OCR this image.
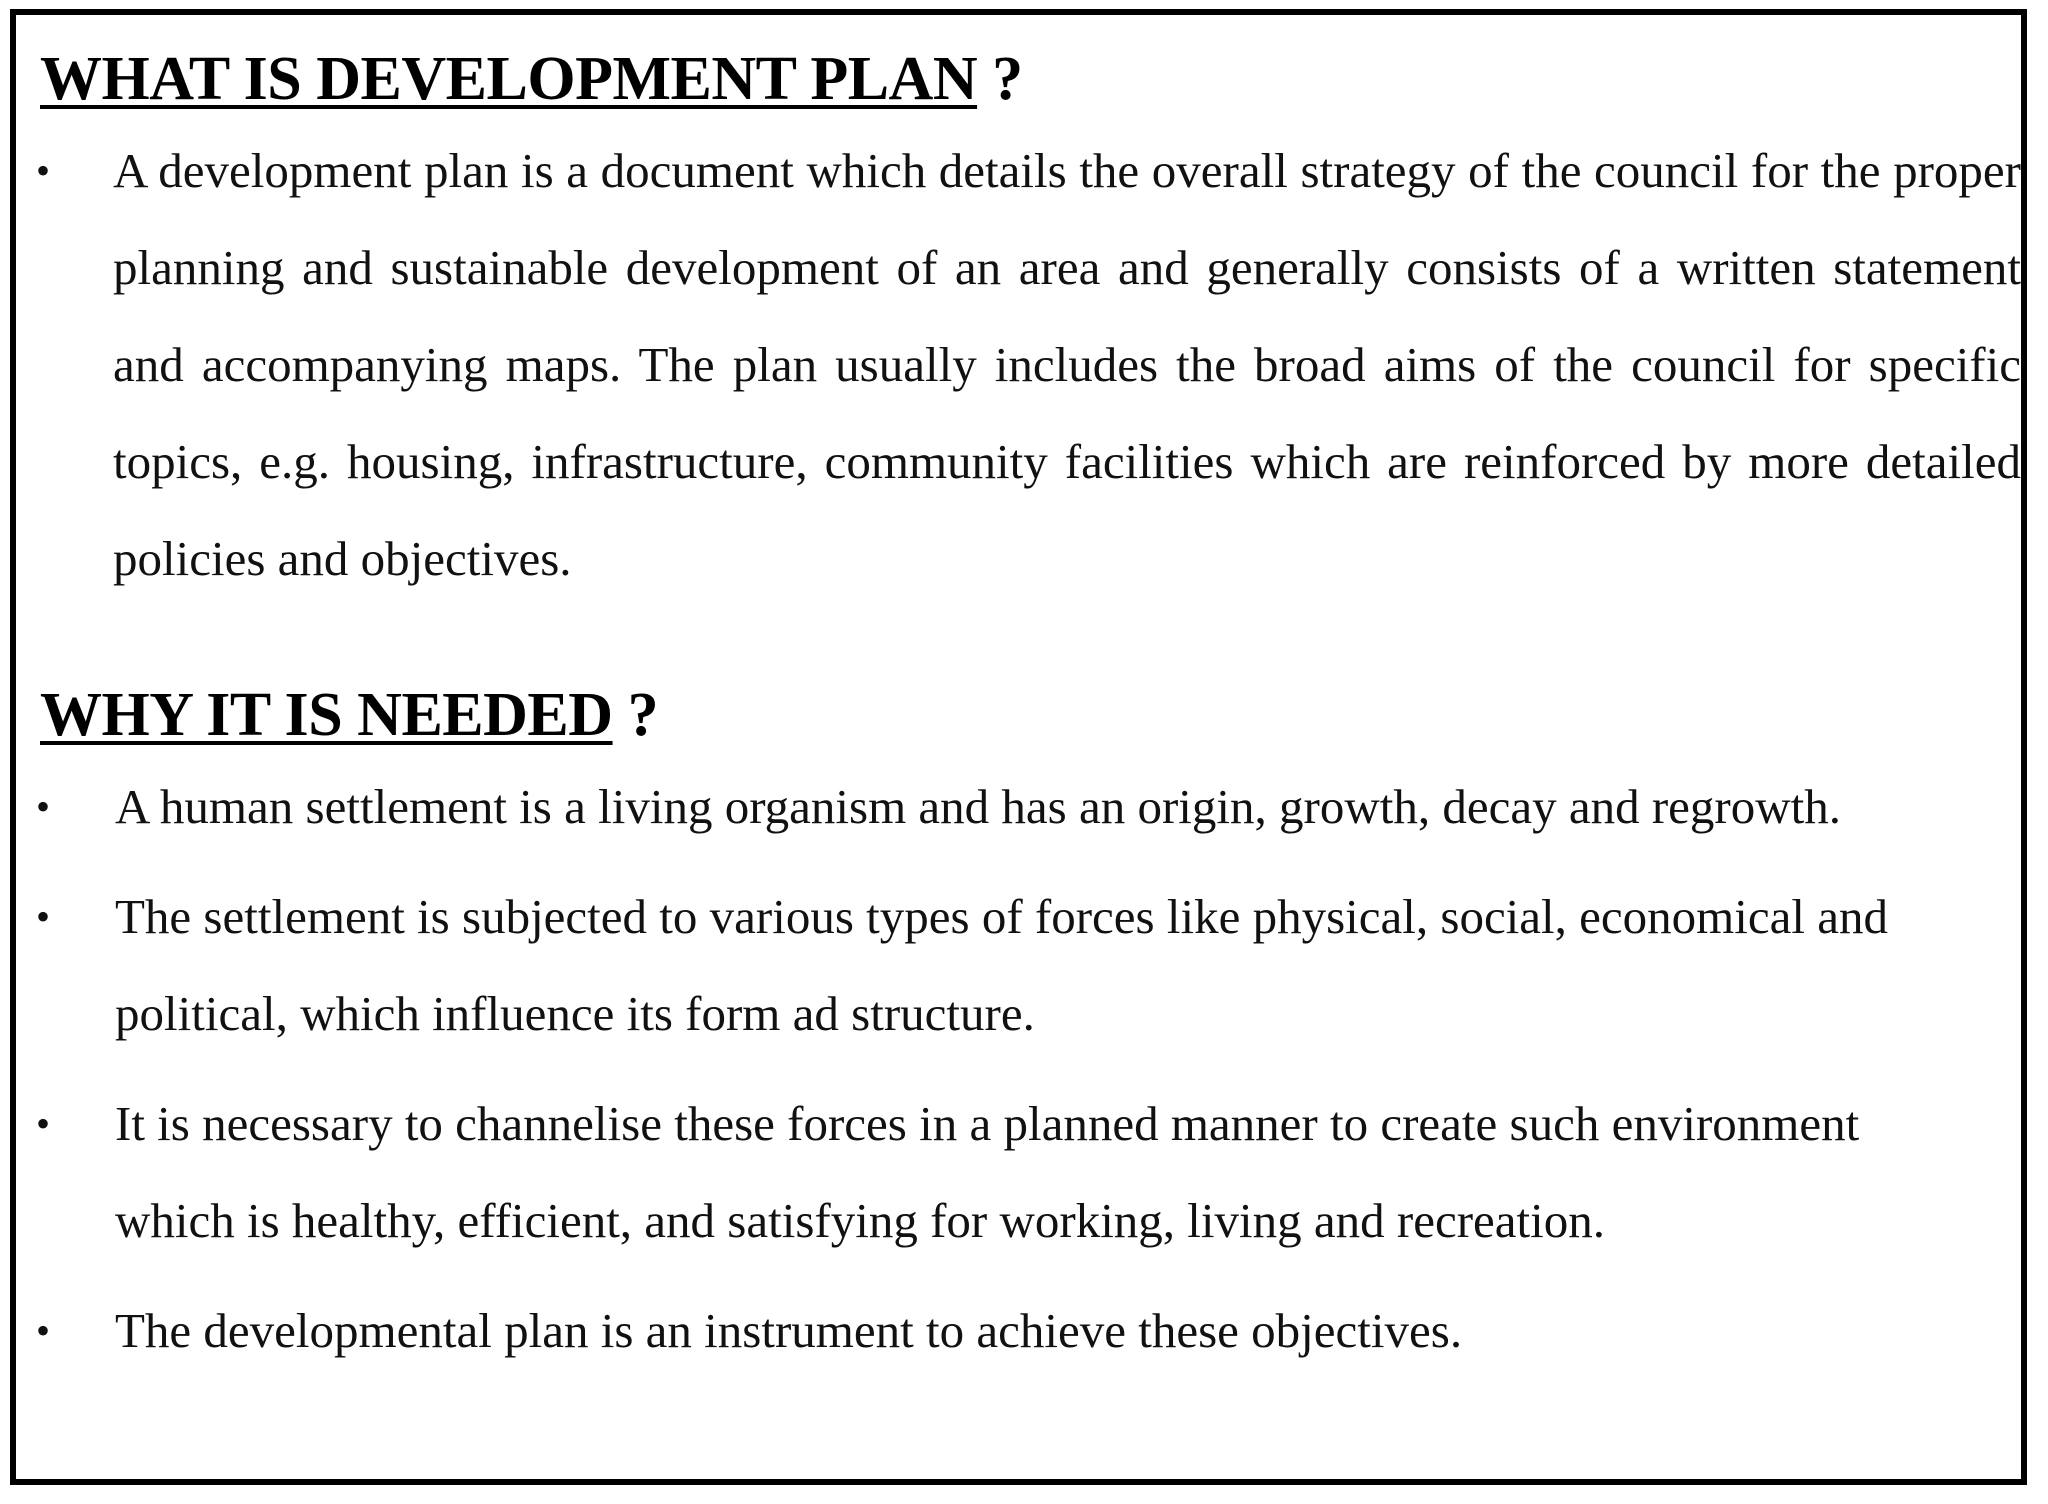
WHAT IS DEVELOPMENT PLAN ?
• A development plan is a document which details the overall strategy of the council for the proper planning and sustainable development of an area and generally consists of a written statement and accompanying maps. The plan usually includes the broad aims of the council for specific topics, e.g. housing, infrastructure, community facilities which are reinforced by more detailed policies and objectives.
WHY IT IS NEEDED ?
• A human settlement is a living organism and has an origin, growth, decay and regrowth.
• The settlement is subjected to various types of forces like physical, social, economical and political, which influence its form ad structure.
• It is necessary to channelise these forces in a planned manner to create such environment which is healthy, efficient, and satisfying for working, living and recreation.
• The developmental plan is an instrument to achieve these objectives.
